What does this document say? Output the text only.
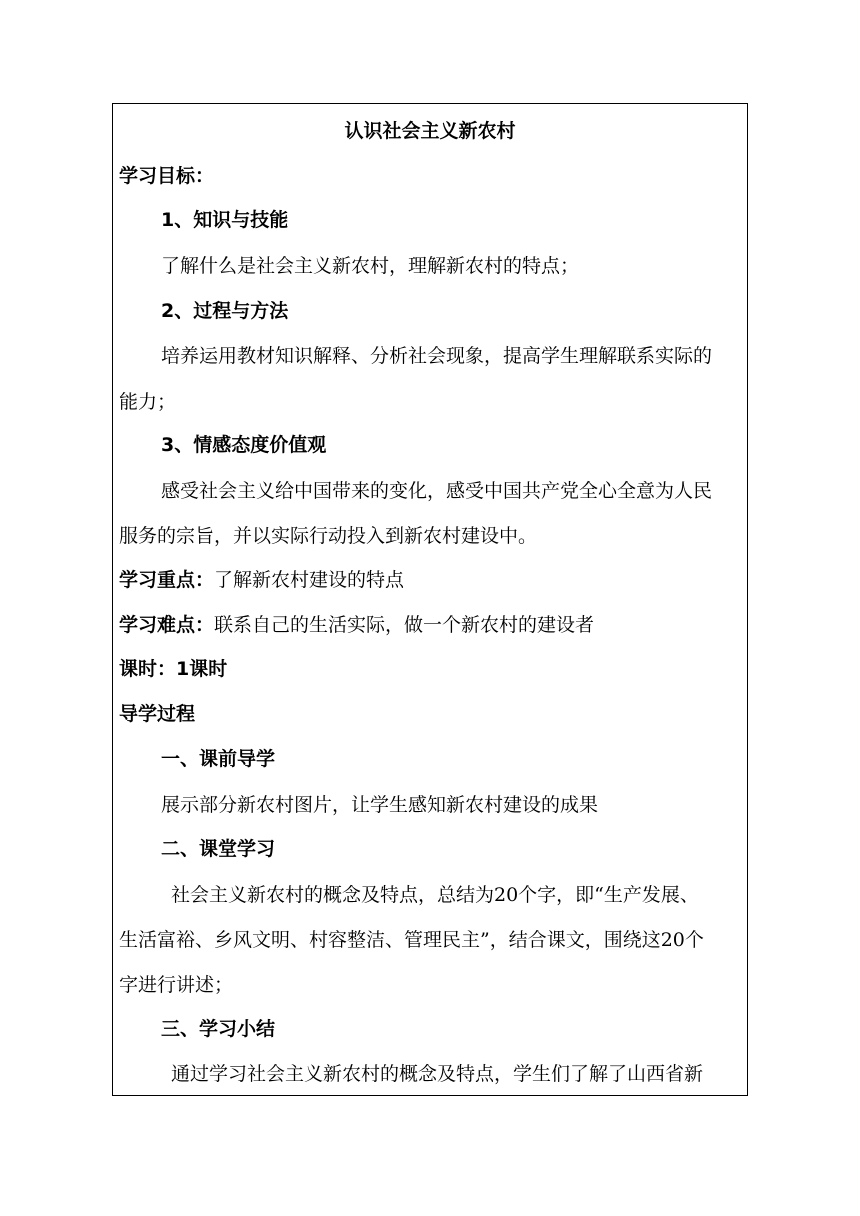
认识社会主义新农村
学习目标：
1、知识与技能
了解什么是社会主义新农村，理解新农村的特点；
2、过程与方法
培养运用教材知识解释、分析社会现象，提高学生理解联系实际的
能力；
3、情感态度价值观
感受社会主义给中国带来的变化，感受中国共产党全心全意为人民
服务的宗旨，并以实际行动投入到新农村建设中。
学习重点：了解新农村建设的特点
学习难点：联系自己的生活实际，做一个新农村的建设者
课时：1课时
导学过程
一、课前导学
展示部分新农村图片，让学生感知新农村建设的成果
二、课堂学习
社会主义新农村的概念及特点，总结为20个字，即“生产发展、
生活富裕、乡风文明、村容整洁、管理民主”，结合课文，围绕这20个
字进行讲述；
三、学习小结
通过学习社会主义新农村的概念及特点，学生们了解了山西省新
